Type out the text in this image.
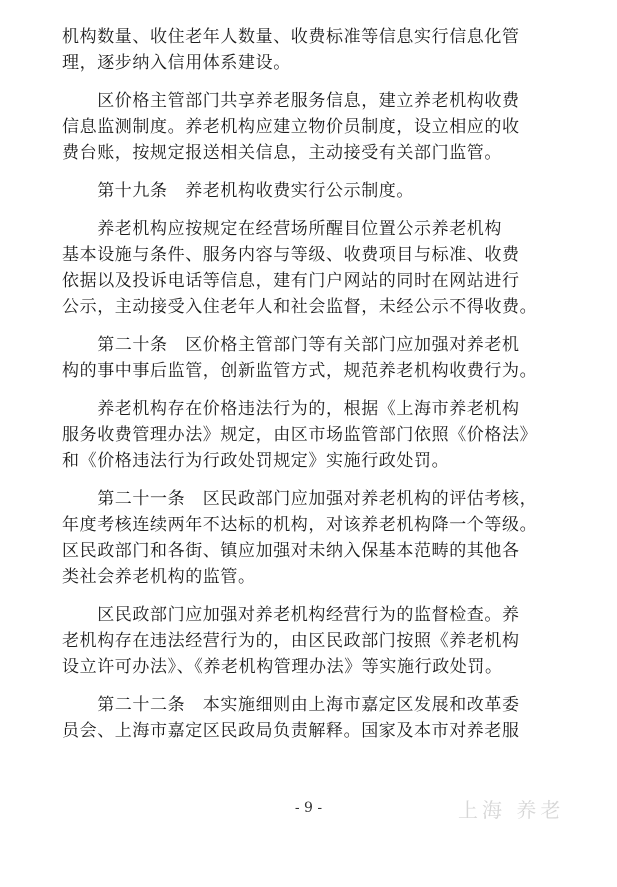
机构数量、收住老年人数量、收费标准等信息实行信息化管
理，逐步纳入信用体系建设。
　　区价格主管部门共享养老服务信息，建立养老机构收费
信息监测制度。养老机构应建立物价员制度，设立相应的收
费台账，按规定报送相关信息，主动接受有关部门监管。
　　第十九条　养老机构收费实行公示制度。
　　养老机构应按规定在经营场所醒目位置公示养老机构
基本设施与条件、服务内容与等级、收费项目与标准、收费
依据以及投诉电话等信息，建有门户网站的同时在网站进行
公示，主动接受入住老年人和社会监督，未经公示不得收费。
　　第二十条　区价格主管部门等有关部门应加强对养老机
构的事中事后监管，创新监管方式，规范养老机构收费行为。
　　养老机构存在价格违法行为的，根据《上海市养老机构
服务收费管理办法》规定，由区市场监管部门依照《价格法》
和《价格违法行为行政处罚规定》实施行政处罚。
　　第二十一条　区民政部门应加强对养老机构的评估考核，
年度考核连续两年不达标的机构，对该养老机构降一个等级。
区民政部门和各街、镇应加强对未纳入保基本范畴的其他各
类社会养老机构的监管。
　　区民政部门应加强对养老机构经营行为的监督检查。养
老机构存在违法经营行为的，由区民政部门按照《养老机构
设立许可办法》、《养老机构管理办法》等实施行政处罚。
　　第二十二条　本实施细则由上海市嘉定区发展和改革委
员会、上海市嘉定区民政局负责解释。国家及本市对养老服
- 9 -	上海 养老
